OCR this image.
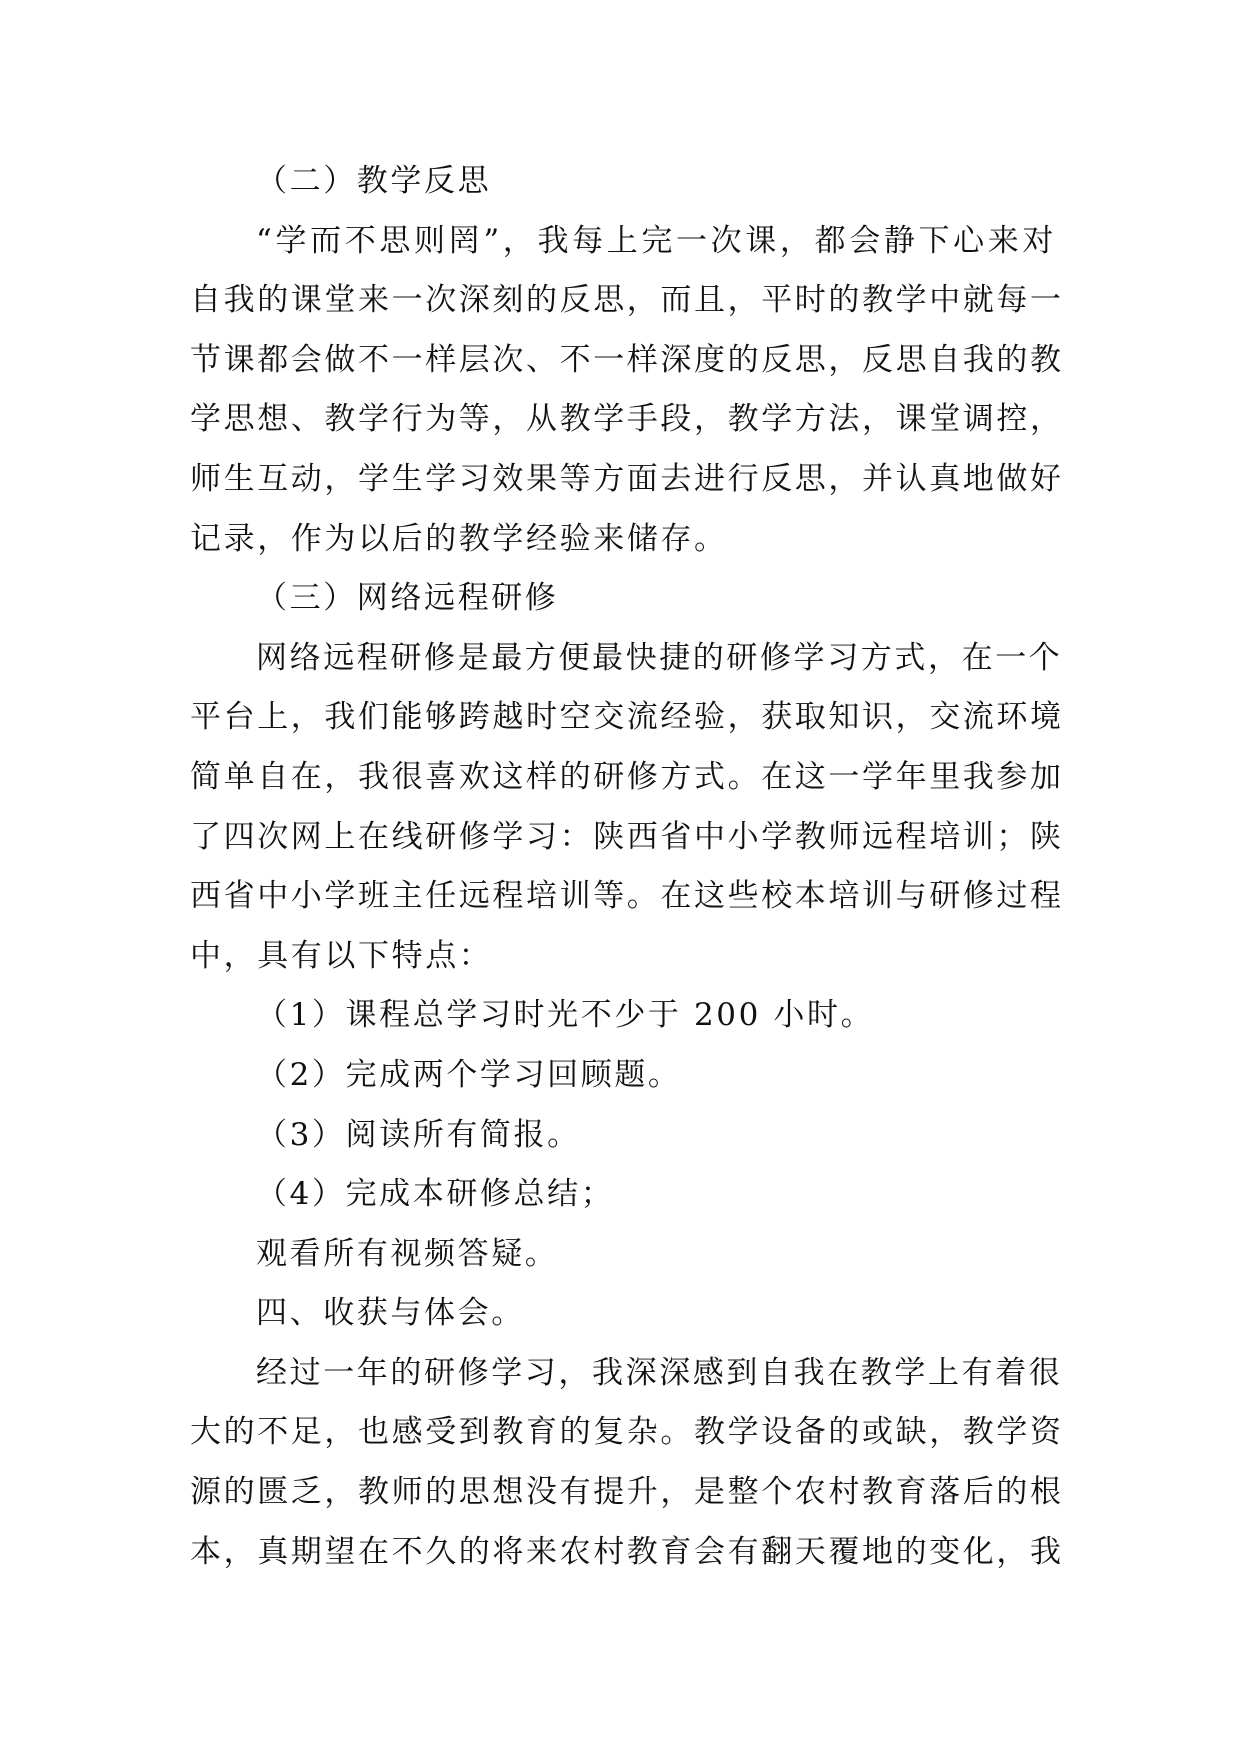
（二）教学反思
“学而不思则罔”，我每上完一次课，都会静下心来对
自我的课堂来一次深刻的反思，而且，平时的教学中就每一
节课都会做不一样层次、不一样深度的反思，反思自我的教
学思想、教学行为等，从教学手段，教学方法，课堂调控，
师生互动，学生学习效果等方面去进行反思，并认真地做好
记录，作为以后的教学经验来储存。
（三）网络远程研修
网络远程研修是最方便最快捷的研修学习方式，在一个
平台上，我们能够跨越时空交流经验，获取知识，交流环境
简单自在，我很喜欢这样的研修方式。在这一学年里我参加
了四次网上在线研修学习：陕西省中小学教师远程培训；陕
西省中小学班主任远程培训等。在这些校本培训与研修过程
中，具有以下特点：
（1）课程总学习时光不少于 200 小时。
（2）完成两个学习回顾题。
（3）阅读所有简报。
（4）完成本研修总结；
观看所有视频答疑。
四、收获与体会。
经过一年的研修学习，我深深感到自我在教学上有着很
大的不足，也感受到教育的复杂。教学设备的或缺，教学资
源的匮乏，教师的思想没有提升，是整个农村教育落后的根
本，真期望在不久的将来农村教育会有翻天覆地的变化，我
